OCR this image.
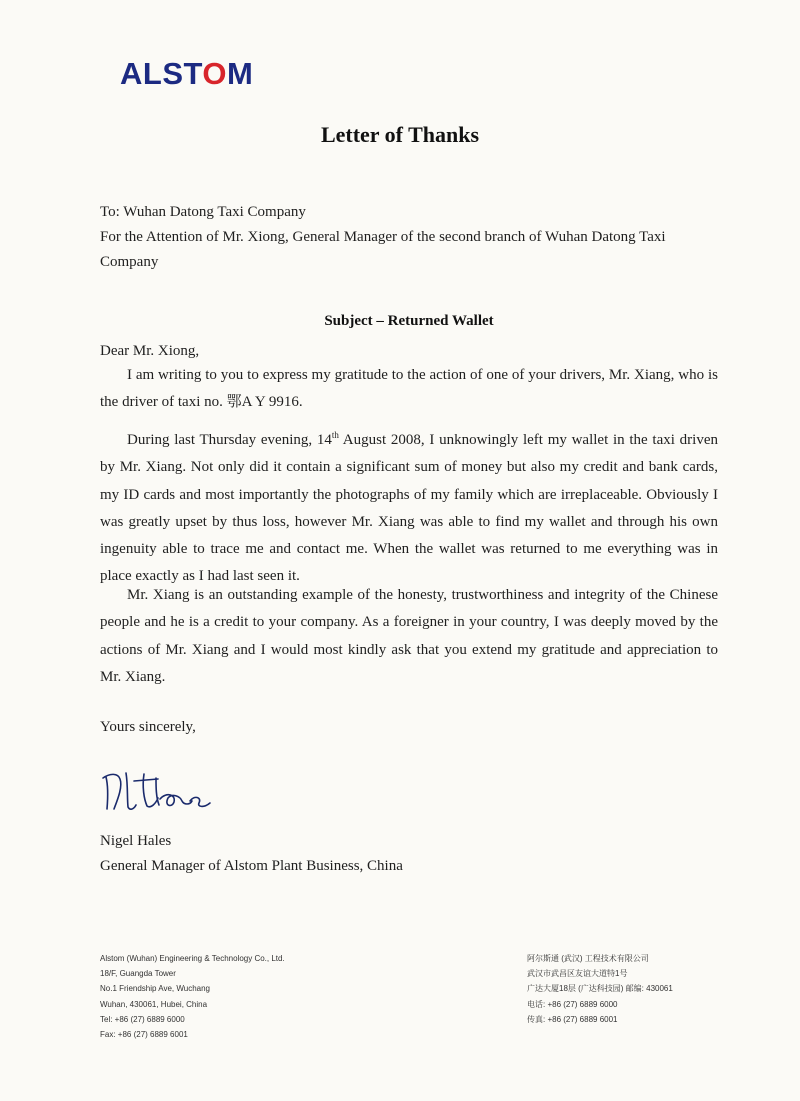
ALSTOM
Letter of Thanks
To: Wuhan Datong Taxi Company
For the Attention of Mr. Xiong, General Manager of the second branch of Wuhan Datong Taxi Company
Subject – Returned Wallet
Dear Mr. Xiong,

I am writing to you to express my gratitude to the action of one of your drivers, Mr. Xiang, who is the driver of taxi no. 鄂A Y 9916.

During last Thursday evening, 14th August 2008, I unknowingly left my wallet in the taxi driven by Mr. Xiang. Not only did it contain a significant sum of money but also my credit and bank cards, my ID cards and most importantly the photographs of my family which are irreplaceable. Obviously I was greatly upset by thus loss, however Mr. Xiang was able to find my wallet and through his own ingenuity able to trace me and contact me. When the wallet was returned to me everything was in place exactly as I had last seen it.

Mr. Xiang is an outstanding example of the honesty, trustworthiness and integrity of the Chinese people and he is a credit to your company. As a foreigner in your country, I was deeply moved by the actions of Mr. Xiang and I would most kindly ask that you extend my gratitude and appreciation to Mr. Xiang.

Yours sincerely,
Nigel Hales
General Manager of Alstom Plant Business, China
Alstom (Wuhan) Engineering & Technology Co., Ltd.
18/F, Guangda Tower
No.1 Friendship Ave, Wuchang
Wuhan, 430061, Hubei, China
Tel: +86 (27) 6889 6000
Fax: +86 (27) 6889 6001
阿尔斯通 (武汉) 工程技术有限公司
武汉市武昌区友谊大道特1号
广达大厦18层 (广达科技园) 邮编: 430061
电话: +86 (27) 6889 6000
传真: +86 (27) 6889 6001
